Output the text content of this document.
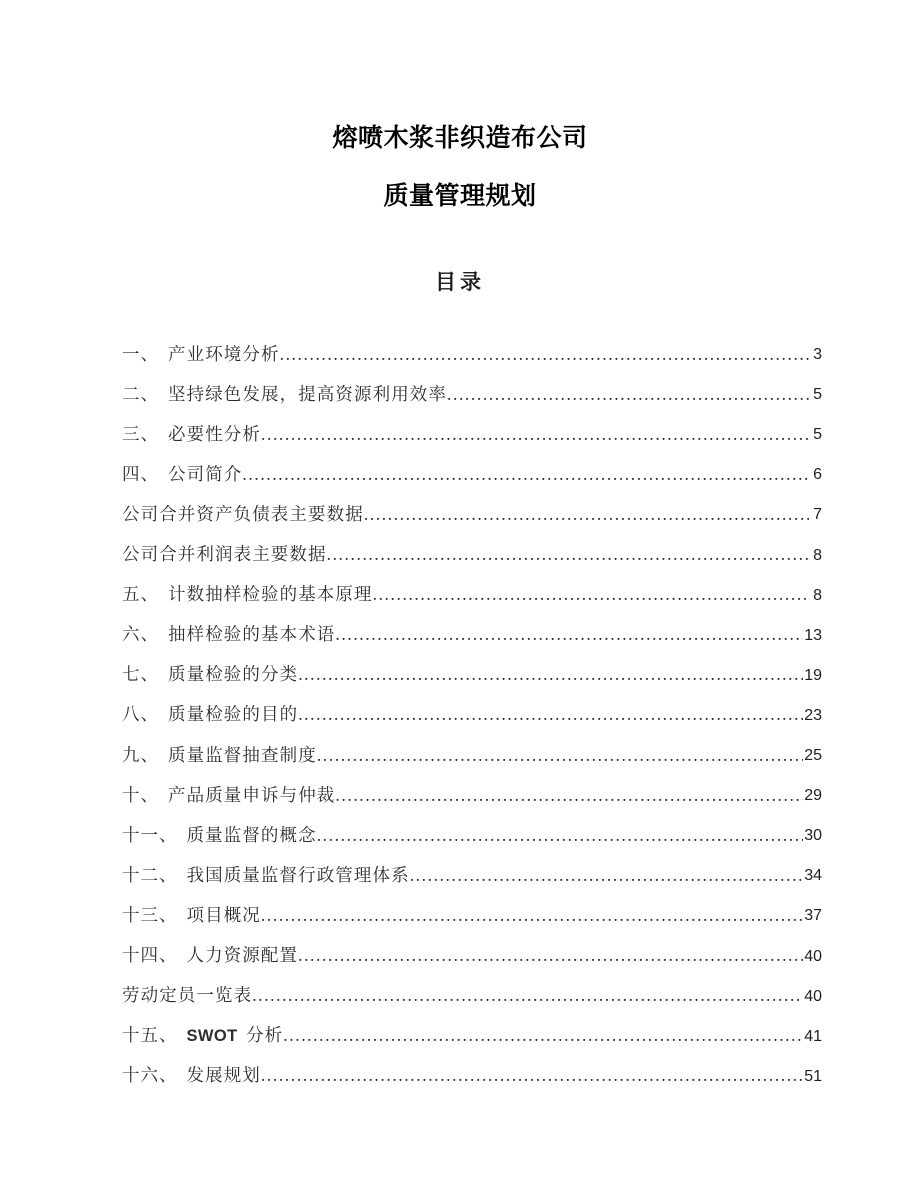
熔喷木浆非织造布公司
质量管理规划
目录
一、 产业环境分析 .....	3
二、 坚持绿色发展，提高资源利用效率 .....	5
三、 必要性分析 .....	5
四、 公司简介 .....	6
公司合并资产负债表主要数据 .....	7
公司合并利润表主要数据 .....	8
五、 计数抽样检验的基本原理 .....	8
六、 抽样检验的基本术语 .....	13
七、 质量检验的分类 .....	19
八、 质量检验的目的 .....	23
九、 质量监督抽查制度 .....	25
十、 产品质量申诉与仲裁 .....	29
十一、 质量监督的概念 .....	30
十二、 我国质量监督行政管理体系 .....	34
十三、 项目概况 .....	37
十四、 人力资源配置 .....	40
劳动定员一览表 .....	40
十五、 SWOT 分析 .....	41
十六、 发展规划 .....	51
